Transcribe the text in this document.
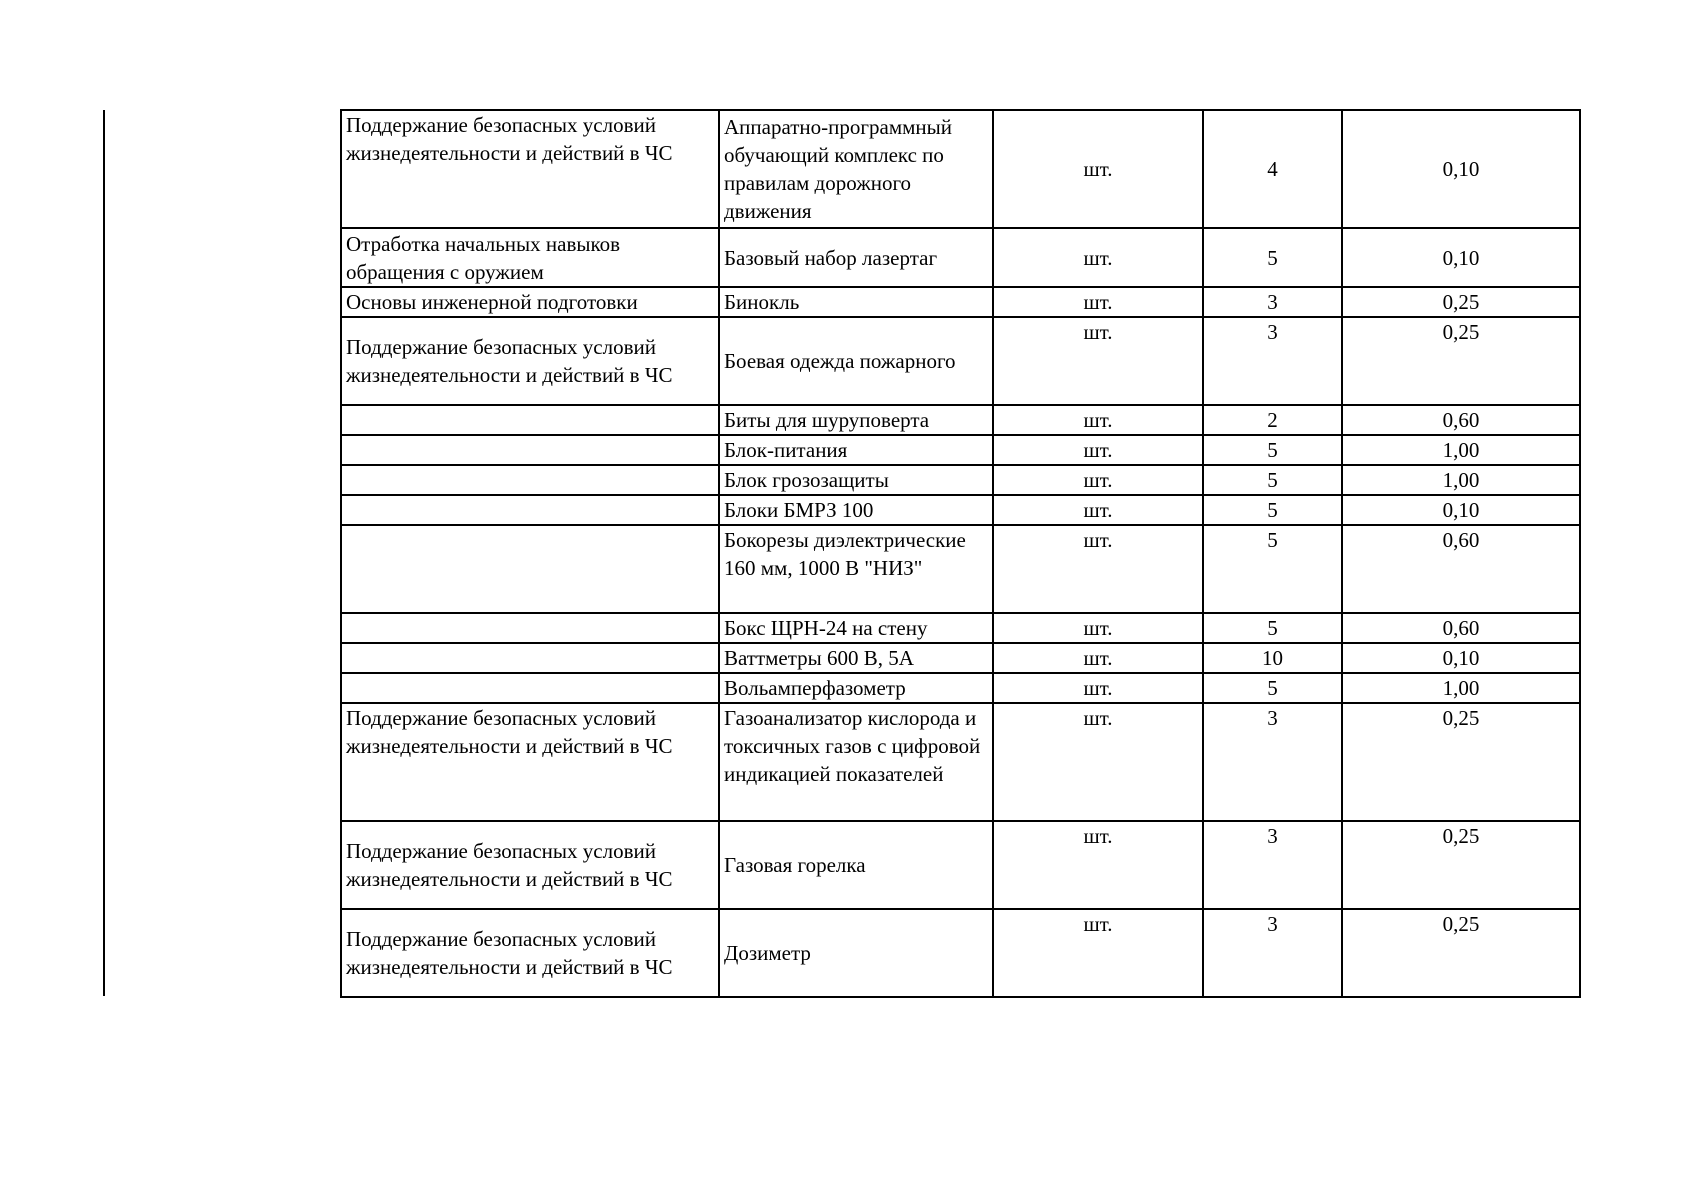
Поддержание безопасных условий жизнедеятельности и действий в ЧС	Аппаратно-программный обучающий комплекс по правилам дорожного движения	шт.	4	0,10
Отработка начальных навыков обращения с оружием	Базовый набор лазертаг	шт.	5	0,10
Основы инженерной подготовки	Бинокль	шт.	3	0,25
Поддержание безопасных условий жизнедеятельности и действий в ЧС	Боевая одежда пожарного	шт.	3	0,25
	Биты для шуруповерта	шт.	2	0,60
	Блок-питания	шт.	5	1,00
	Блок грозозащиты	шт.	5	1,00
	Блоки БМРЗ 100	шт.	5	0,10
	Бокорезы диэлектрические 160 мм, 1000 В "НИЗ"	шт.	5	0,60
	Бокс ЩРН-24 на стену	шт.	5	0,60
	Ваттметры 600 В, 5А	шт.	10	0,10
	Вольамперфазометр	шт.	5	1,00
Поддержание безопасных условий жизнедеятельности и действий в ЧС	Газоанализатор кислорода и токсичных газов с цифровой индикацией показателей	шт.	3	0,25
Поддержание безопасных условий жизнедеятельности и действий в ЧС	Газовая горелка	шт.	3	0,25
Поддержание безопасных условий жизнедеятельности и действий в ЧС	Дозиметр	шт.	3	0,25
